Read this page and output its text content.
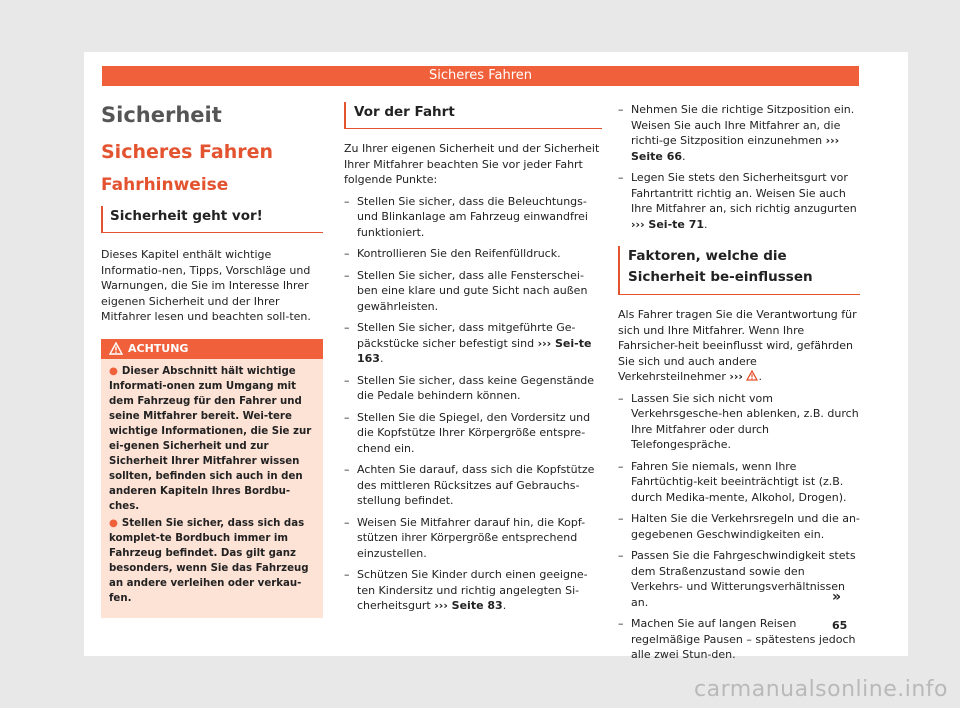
Sicheres Fahren
Sicherheit
Sicheres Fahren
Fahrhinweise
Sicherheit geht vor!

Dieses Kapitel enthält wichtige Informatio-nen, Tipps, Vorschläge und Warnungen, die Sie im Interesse Ihrer eigenen Sicherheit und der Ihrer Mitfahrer lesen und beachten soll-ten.

ACHTUNG

● Dieser Abschnitt hält wichtige Informati-onen zum Umgang mit dem Fahrzeug für den Fahrer und seine Mitfahrer bereit. Wei-tere wichtige Informationen, die Sie zur ei-genen Sicherheit und zur Sicherheit Ihrer Mitfahrer wissen sollten, befinden sich auch in den anderen Kapiteln Ihres Bordbu-ches.

● Stellen Sie sicher, dass sich das komplet-te Bordbuch immer im Fahrzeug befindet. Das gilt ganz besonders, wenn Sie das Fahrzeug an andere verleihen oder verkau-fen.

Vor der Fahrt

Zu Ihrer eigenen Sicherheit und der Sicherheit Ihrer Mitfahrer beachten Sie vor jeder Fahrt folgende Punkte:

– Stellen Sie sicher, dass die Beleuchtungs- und Blinkanlage am Fahrzeug einwandfrei funktioniert.
– Kontrollieren Sie den Reifenfülldruck.
– Stellen Sie sicher, dass alle Fensterschei-ben eine klare und gute Sicht nach außen gewährleisten.
– Stellen Sie sicher, dass mitgeführte Ge-päckstücke sicher befestigt sind ››› Sei-te 163.
– Stellen Sie sicher, dass keine Gegenstände die Pedale behindern können.
– Stellen Sie die Spiegel, den Vordersitz und die Kopfstütze Ihrer Körpergröße entspre-chend ein.
– Achten Sie darauf, dass sich die Kopfstütze des mittleren Rücksitzes auf Gebrauchs-stellung befindet.
– Weisen Sie Mitfahrer darauf hin, die Kopf-stützen ihrer Körpergröße entsprechend einzustellen.
– Schützen Sie Kinder durch einen geeigne-ten Kindersitz und richtig angelegten Si-cherheitsgurt ››› Seite 83.
– Nehmen Sie die richtige Sitzposition ein. Weisen Sie auch Ihre Mitfahrer an, die richti-ge Sitzposition einzunehmen ››› Seite 66.
– Legen Sie stets den Sicherheitsgurt vor Fahrtantritt richtig an. Weisen Sie auch Ihre Mitfahrer an, sich richtig anzugurten ››› Sei-te 71.
Faktoren, welche die Sicherheit be-einflussen

Als Fahrer tragen Sie die Verantwortung für sich und Ihre Mitfahrer. Wenn Ihre Fahrsicher-heit beeinflusst wird, gefährden Sie sich und auch andere Verkehrsteilnehmer ››› .

– Lassen Sie sich nicht vom Verkehrsgesche-hen ablenken, z.B. durch Ihre Mitfahrer oder durch Telefongespräche.
– Fahren Sie niemals, wenn Ihre Fahrtüchtig-keit beeinträchtigt ist (z.B. durch Medika-mente, Alkohol, Drogen).
– Halten Sie die Verkehrsregeln und die an-gegebenen Geschwindigkeiten ein.
– Passen Sie die Fahrgeschwindigkeit stets dem Straßenzustand sowie den Verkehrs- und Witterungsverhältnissen an.
– Machen Sie auf langen Reisen regelmäßige Pausen – spätestens jedoch alle zwei Stun-den.
»
65
carmanualsonline.info
